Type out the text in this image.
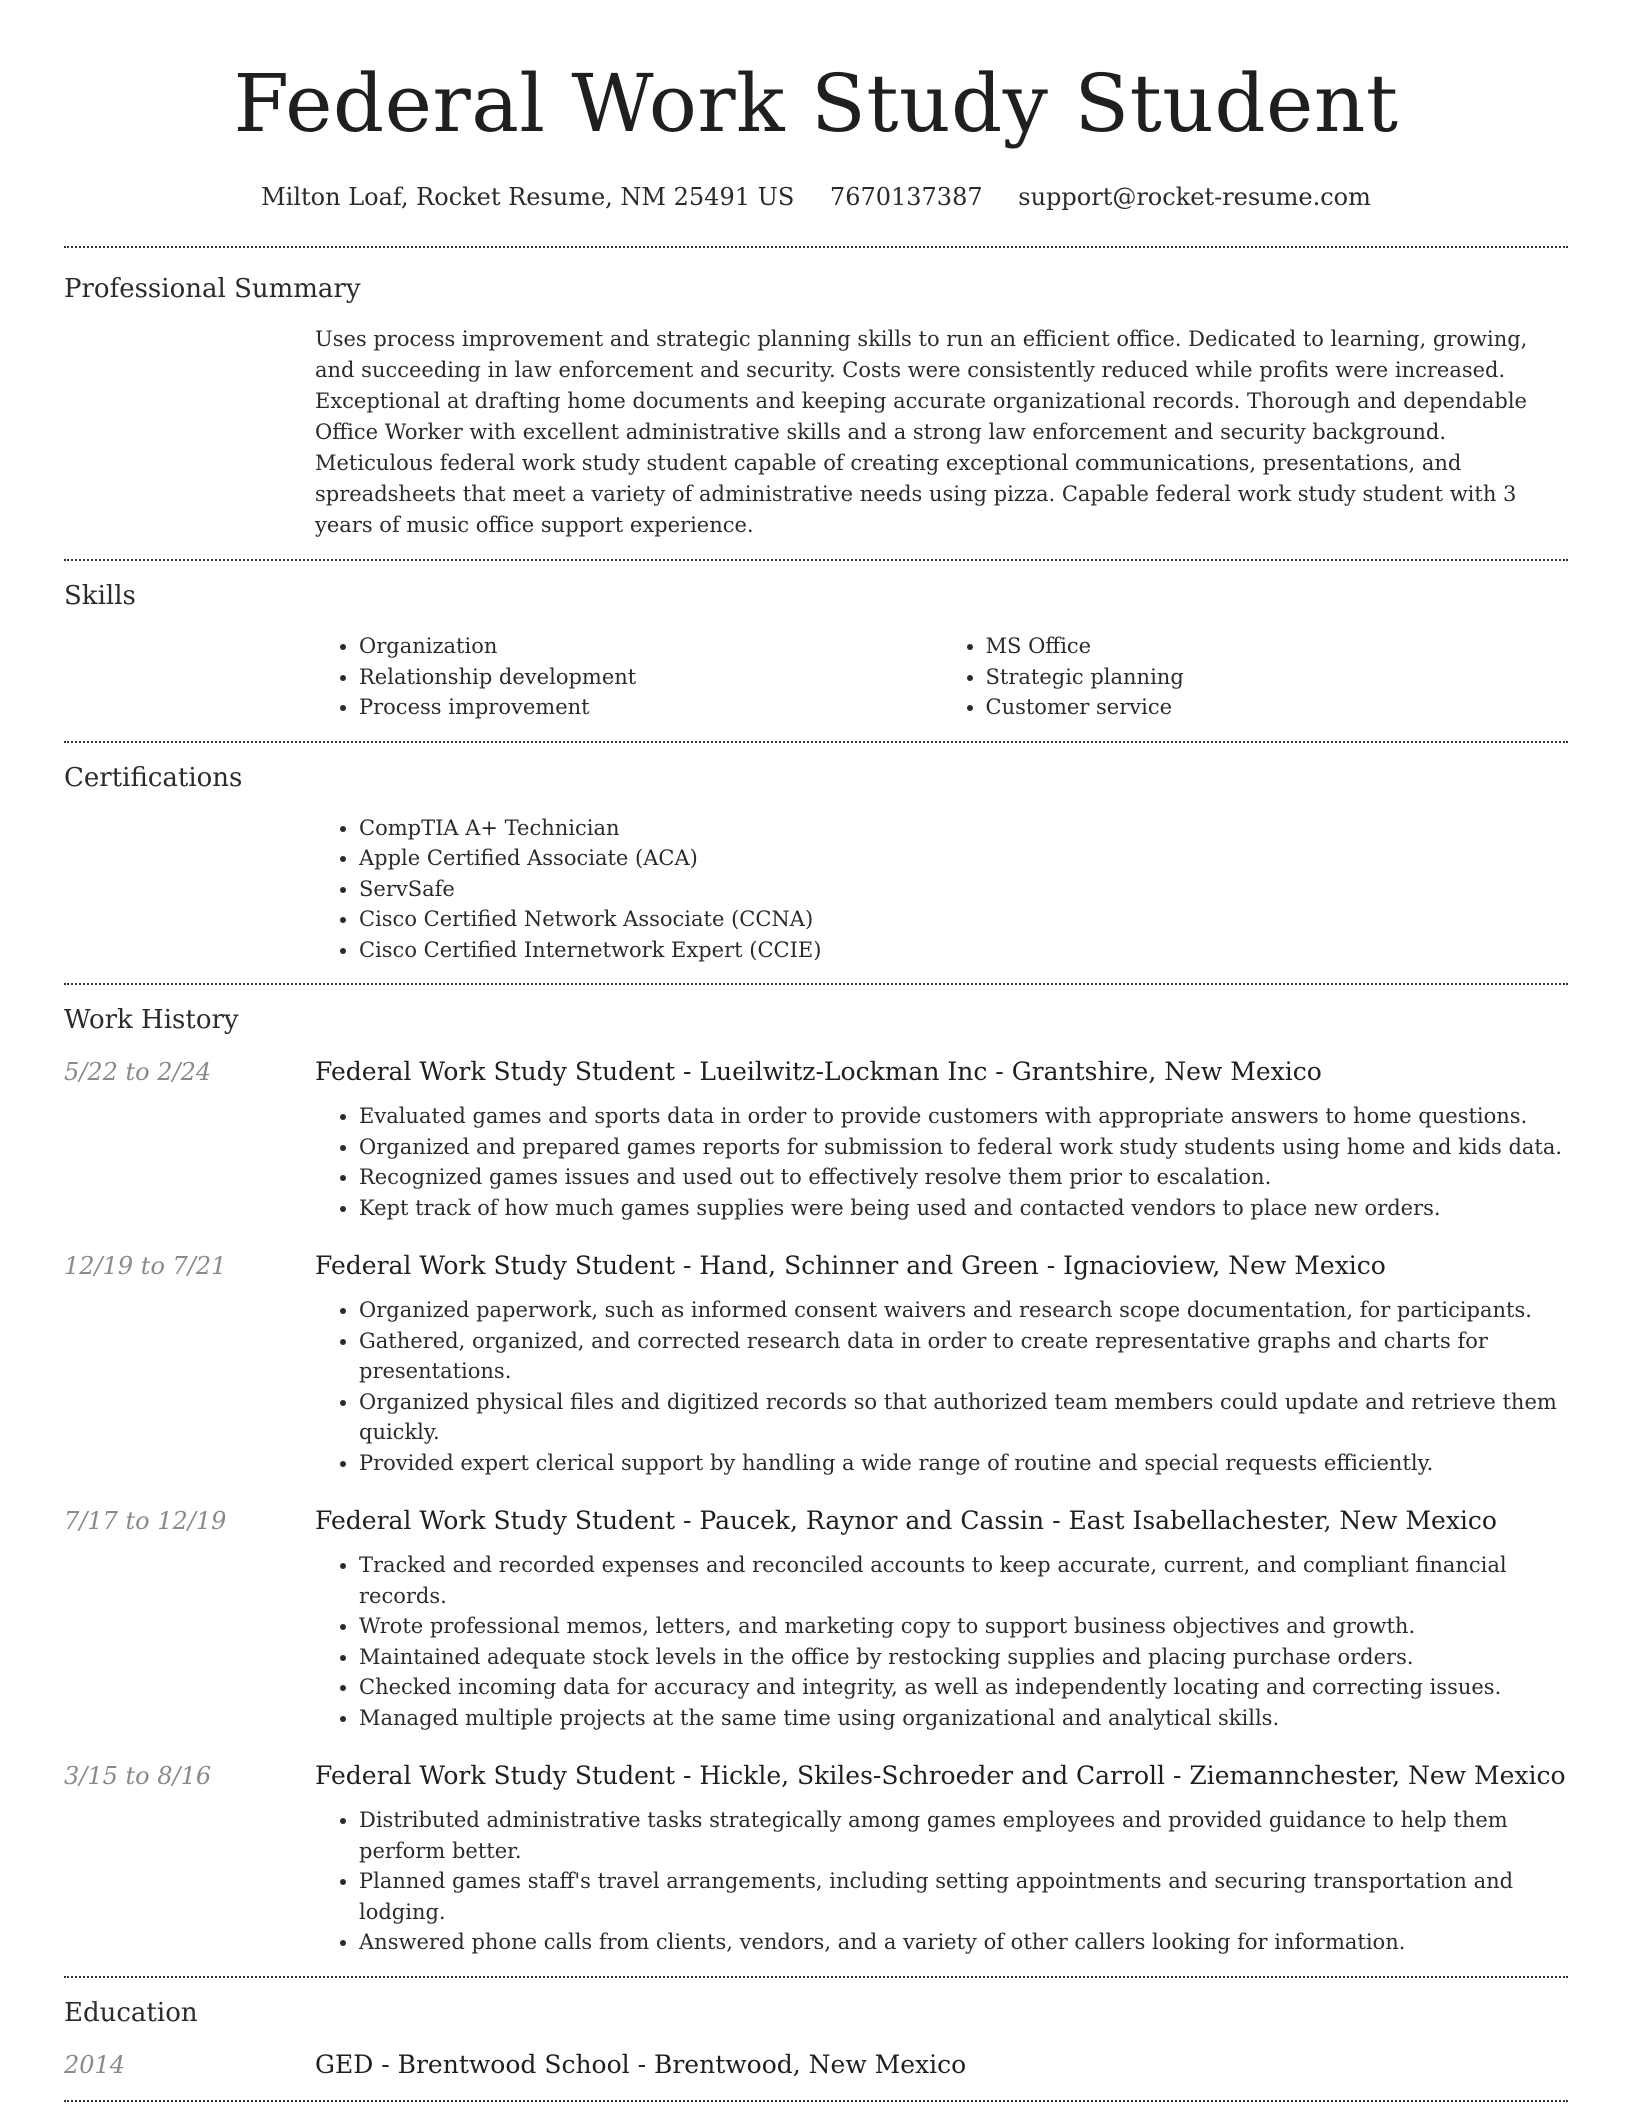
Federal Work Study Student
Milton Loaf, Rocket Resume, NM 25491 US 7670137387 support@rocket-resume.com
Professional Summary

Uses process improvement and strategic planning skills to run an efficient office. Dedicated to learning, growing, and succeeding in law enforcement and security. Costs were consistently reduced while profits were increased. Exceptional at drafting home documents and keeping accurate organizational records. Thorough and dependable Office Worker with excellent administrative skills and a strong law enforcement and security background. Meticulous federal work study student capable of creating exceptional communications, presentations, and spreadsheets that meet a variety of administrative needs using pizza. Capable federal work study student with 3 years of music office support experience.

Skills
• Organization
• Relationship development
• Process improvement
• MS Office
• Strategic planning
• Customer service
Certifications
• CompTIA A+ Technician
• Apple Certified Associate (ACA)
• ServSafe
• Cisco Certified Network Associate (CCNA)
• Cisco Certified Internetwork Expert (CCIE)
Work History
5/22 to 2/24	Federal Work Study Student - Lueilwitz-Lockman Inc - Grantshire, New Mexico
• Evaluated games and sports data in order to provide customers with appropriate answers to home questions.
• Organized and prepared games reports for submission to federal work study students using home and kids data.
• Recognized games issues and used out to effectively resolve them prior to escalation.
• Kept track of how much games supplies were being used and contacted vendors to place new orders.
12/19 to 7/21	Federal Work Study Student - Hand, Schinner and Green - Ignacioview, New Mexico
• Organized paperwork, such as informed consent waivers and research scope documentation, for participants.
• Gathered, organized, and corrected research data in order to create representative graphs and charts for presentations.
• Organized physical files and digitized records so that authorized team members could update and retrieve them quickly.
• Provided expert clerical support by handling a wide range of routine and special requests efficiently.
7/17 to 12/19	Federal Work Study Student - Paucek, Raynor and Cassin - East Isabellachester, New Mexico
• Tracked and recorded expenses and reconciled accounts to keep accurate, current, and compliant financial records.
• Wrote professional memos, letters, and marketing copy to support business objectives and growth.
• Maintained adequate stock levels in the office by restocking supplies and placing purchase orders.
• Checked incoming data for accuracy and integrity, as well as independently locating and correcting issues.
• Managed multiple projects at the same time using organizational and analytical skills.
3/15 to 8/16	Federal Work Study Student - Hickle, Skiles-Schroeder and Carroll - Ziemannchester, New Mexico
• Distributed administrative tasks strategically among games employees and provided guidance to help them perform better.
• Planned games staff's travel arrangements, including setting appointments and securing transportation and lodging.
• Answered phone calls from clients, vendors, and a variety of other callers looking for information.
Education
2014	GED - Brentwood School - Brentwood, New Mexico
